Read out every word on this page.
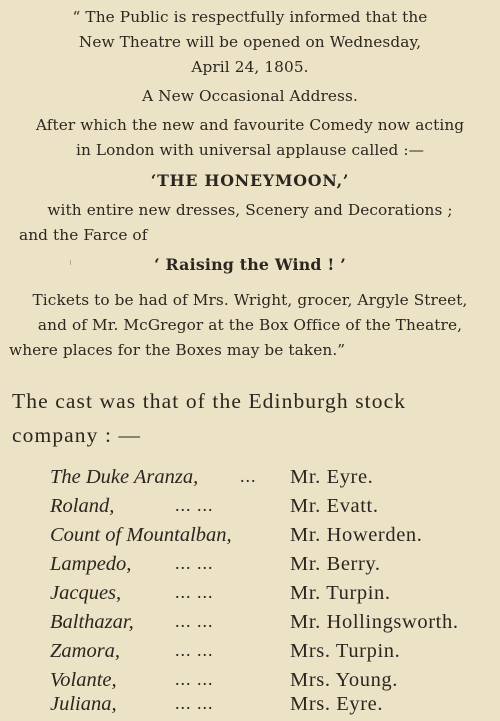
“ The Public is respectfully informed that the

New Theatre will be opened on Wednesday,

April 24, 1805.

A New Occasional Address.

After which the new and favourite Comedy now acting

in London with universal applause called :—

‘THE HONEYMOON,’

with entire new dresses, Scenery and Decorations ;

and the Farce of

‘ Raising the Wind ! ’

Tickets to be had of Mrs. Wright, grocer, Argyle Street,

and of Mr. McGregor at the Box Office of the Theatre,

where places for the Boxes may be taken.”

The cast was that of the Edinburgh stock

company : —

The Duke Aranza, ... Mr. Eyre.
Roland,	... ...	Mr. Evatt.
Count of Mountalban,	Mr. Howerden.
Lampedo, ... ...	Mr. Berry.
Jacques,	... ...	Mr. Turpin.
Balthazar, ... ...	Mr. Hollingsworth.
Zamora,	... ...	Mrs. Turpin.
Volante,	... ...	Mrs. Young.
Juliana,	... ...	Mrs. Eyre.
